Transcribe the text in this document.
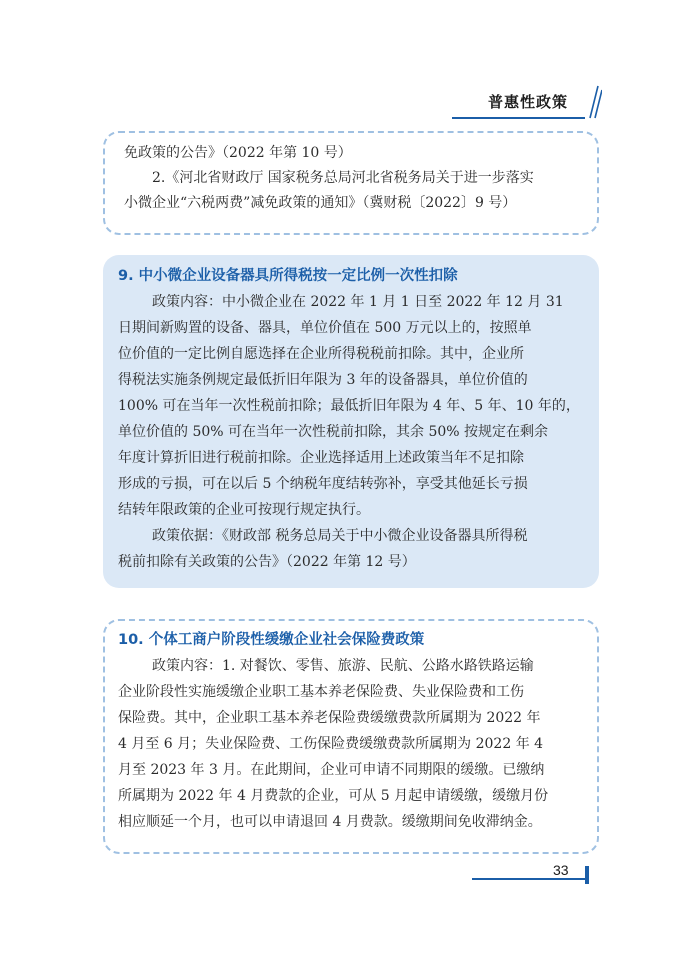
普惠性政策
免政策的公告》（2022 年第 10 号）
2.《河北省财政厅 国家税务总局河北省税务局关于进一步落实
小微企业“六税两费”减免政策的通知》（冀财税〔2022〕9 号）
9. 中小微企业设备器具所得税按一定比例一次性扣除
政策内容：中小微企业在 2022 年 1 月 1 日至 2022 年 12 月 31
日期间新购置的设备、器具，单位价值在 500 万元以上的，按照单
位价值的一定比例自愿选择在企业所得税税前扣除。其中，企业所
得税法实施条例规定最低折旧年限为 3 年的设备器具，单位价值的
100% 可在当年一次性税前扣除；最低折旧年限为 4 年、5 年、10 年的，
单位价值的 50% 可在当年一次性税前扣除，其余 50% 按规定在剩余
年度计算折旧进行税前扣除。企业选择适用上述政策当年不足扣除
形成的亏损，可在以后 5 个纳税年度结转弥补，享受其他延长亏损
结转年限政策的企业可按现行规定执行。
政策依据：《财政部 税务总局关于中小微企业设备器具所得税
税前扣除有关政策的公告》（2022 年第 12 号）
10. 个体工商户阶段性缓缴企业社会保险费政策
政策内容：1. 对餐饮、零售、旅游、民航、公路水路铁路运输
企业阶段性实施缓缴企业职工基本养老保险费、失业保险费和工伤
保险费。其中，企业职工基本养老保险费缓缴费款所属期为 2022 年
4 月至 6 月；失业保险费、工伤保险费缓缴费款所属期为 2022 年 4
月至 2023 年 3 月。在此期间，企业可申请不同期限的缓缴。已缴纳
所属期为 2022 年 4 月费款的企业，可从 5 月起申请缓缴，缓缴月份
相应顺延一个月，也可以申请退回 4 月费款。缓缴期间免收滞纳金。
33
